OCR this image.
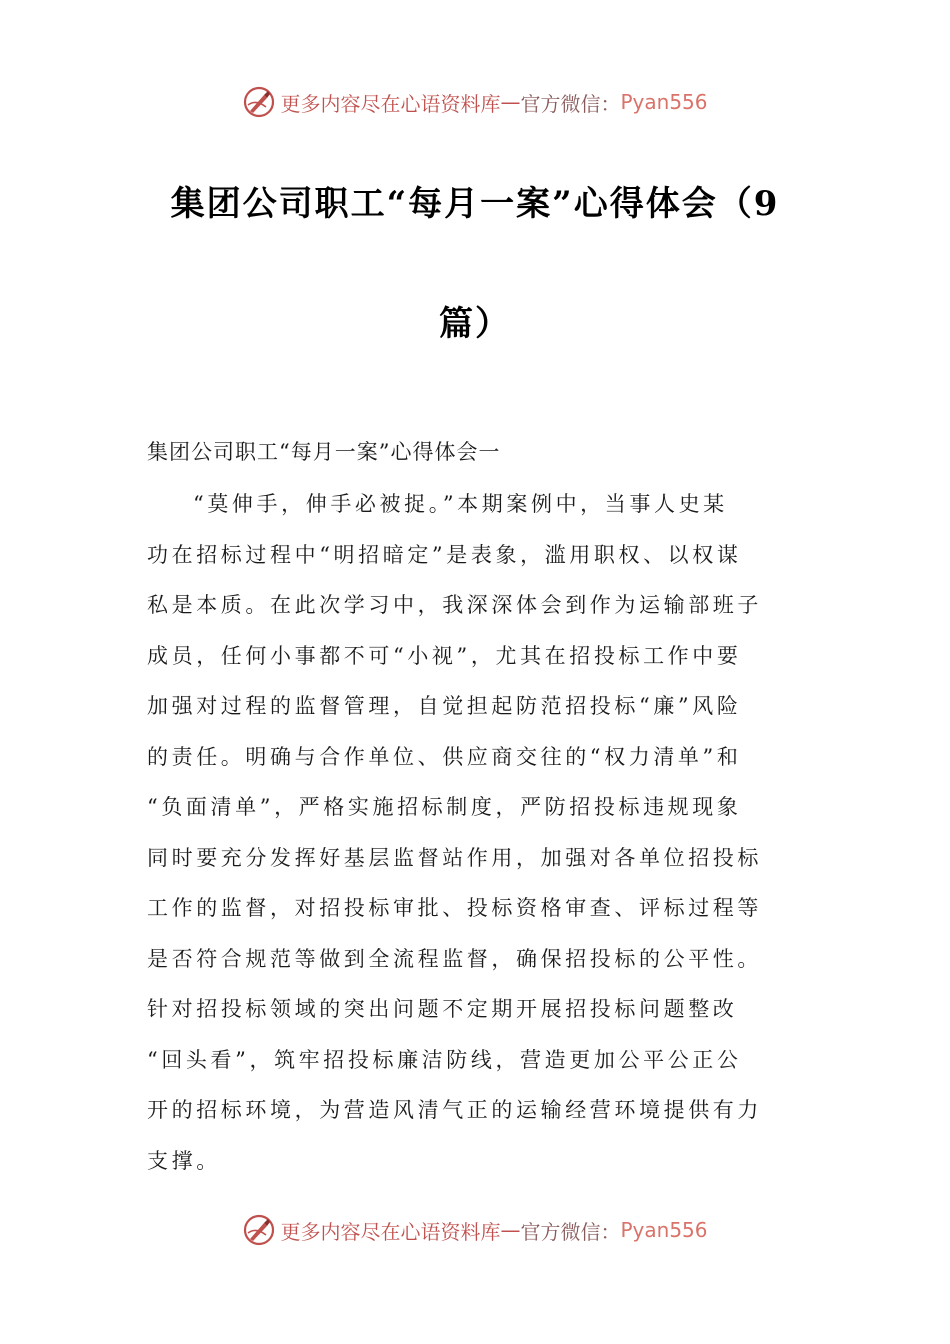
更多内容尽在心语资料库 — 官方微信： Pyan556
集团公司职工“每月一案”心得体会（9
篇）
集团公司职工“每月一案”心得体会一
“莫伸手，伸手必被捉。”本期案例中，当事人史某
功在招标过程中“明招暗定”是表象，滥用职权、以权谋
私是本质。在此次学习中，我深深体会到作为运输部班子
成员，任何小事都不可“小视”，尤其在招投标工作中要
加强对过程的监督管理，自觉担起防范招投标“廉”风险
的责任。明确与合作单位、供应商交往的“权力清单”和
“负面清单”，严格实施招标制度，严防招投标违规现象
同时要充分发挥好基层监督站作用，加强对各单位招投标
工作的监督，对招投标审批、投标资格审查、评标过程等
是否符合规范等做到全流程监督，确保招投标的公平性。
针对招投标领域的突出问题不定期开展招投标问题整改
“回头看”，筑牢招投标廉洁防线，营造更加公平公正公
开的招标环境，为营造风清气正的运输经营环境提供有力
支撑。
更多内容尽在心语资料库 — 官方微信： Pyan556
